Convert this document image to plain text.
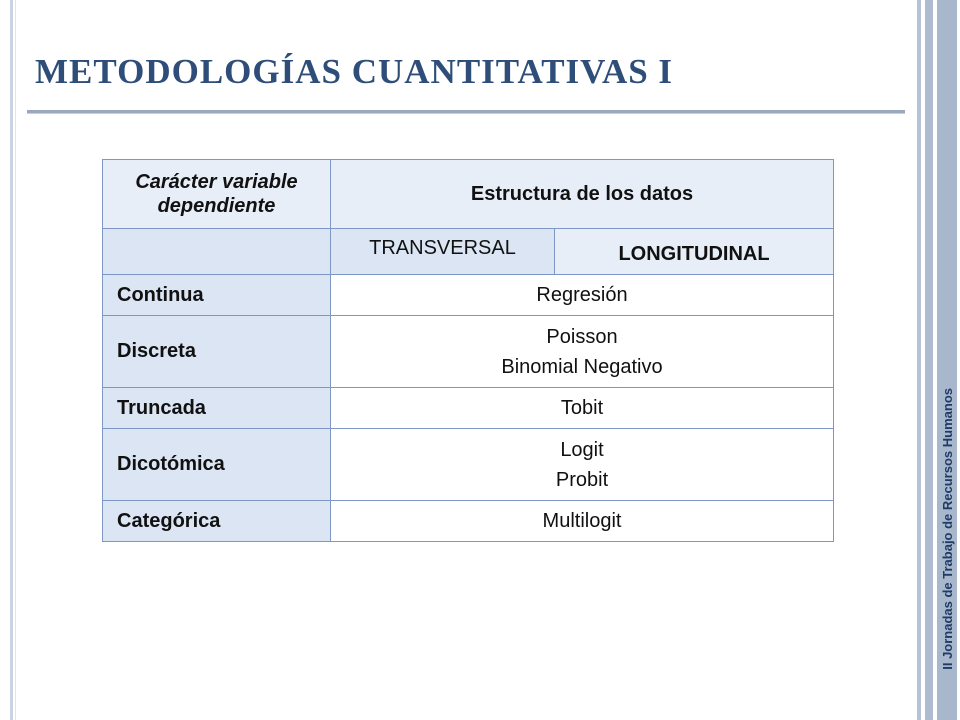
II Jornadas de Trabajo de Recursos Humanos
METODOLOGÍAS CUANTITATIVAS I
Carácter variable dependiente	Estructura de los datos	
	TRANSVERSAL	LONGITUDINAL
Continua	Regresión	

Discreta	Poisson
Binomial Negativo	

Truncada	Tobit	

Dicotómica	Logit
Probit	

Categórica	Multilogit	
